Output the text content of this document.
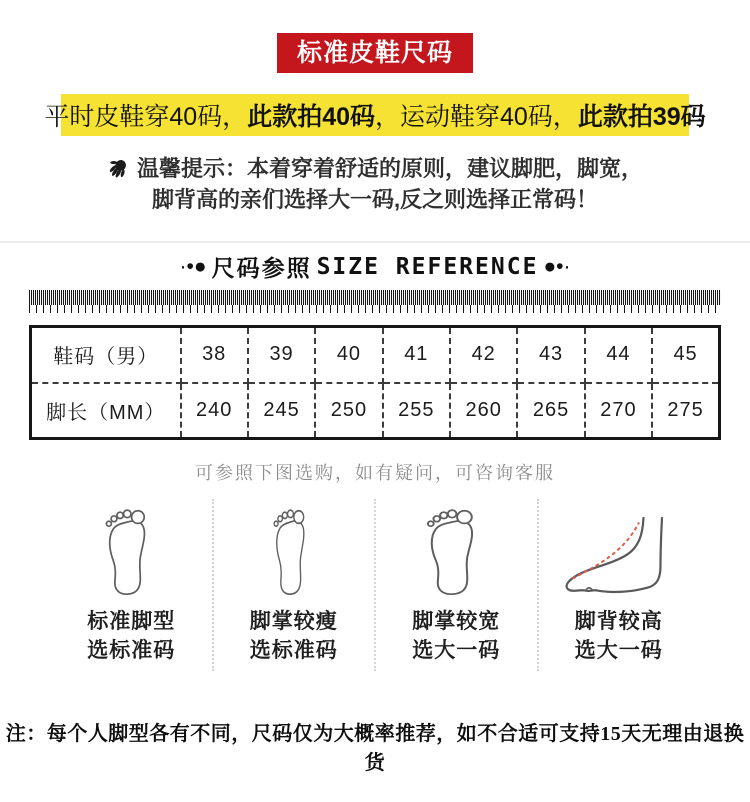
标准皮鞋尺码
平时皮鞋穿40码， 此款拍40码 ，运动鞋穿40码， 此款拍39码
温馨提示：本着穿着舒适的原则，建议脚肥，脚宽，
脚背高的亲们选择大一码,反之则选择正常码！
·•● 尺码参照 SIZE REFERENCE ●•·
鞋码（男）	38	39	40	41	42	43	44	45
脚长（MM）	240	245	250	255	260	265	270	275
可参照下图选购，如有疑问，可咨询客服
标准脚型
选标准码
脚掌较瘦
选标准码
脚掌较宽
选大一码
脚背较高
选大一码
注：每个人脚型各有不同，尺码仅为大概率推荐，如不合适可支持15天无理由退换货
